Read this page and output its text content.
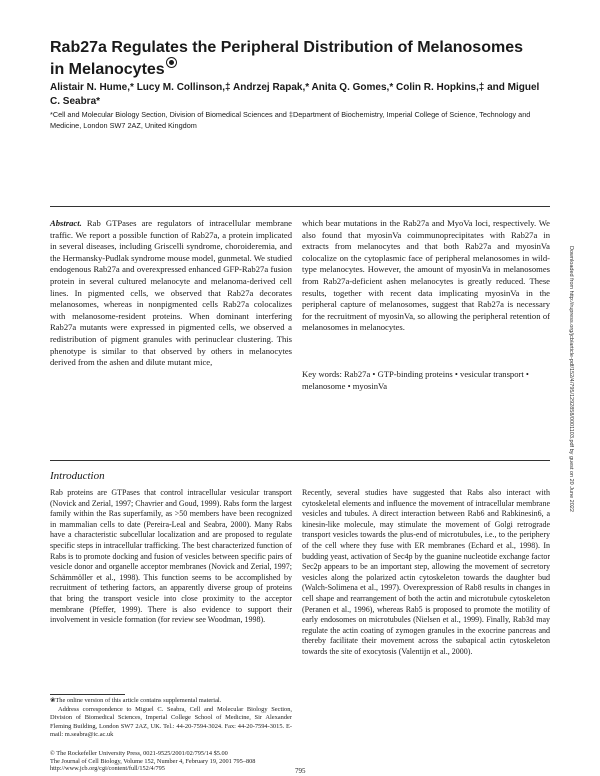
Rab27a Regulates the Peripheral Distribution of Melanosomes in Melanocytes
Alistair N. Hume,* Lucy M. Collinson,‡ Andrzej Rapak,* Anita Q. Gomes,* Colin R. Hopkins,‡ and Miguel C. Seabra*
*Cell and Molecular Biology Section, Division of Biomedical Sciences and ‡Department of Biochemistry, Imperial College of Science, Technology and Medicine, London SW7 2AZ, United Kingdom
Abstract. Rab GTPases are regulators of intracellular membrane traffic. We report a possible function of Rab27a, a protein implicated in several diseases, including Griscelli syndrome, choroideremia, and the Hermansky-Pudlak syndrome mouse model, gunmetal. We studied endogenous Rab27a and overexpressed enhanced GFP-Rab27a fusion protein in several cultured melanocyte and melanoma-derived cell lines. In pigmented cells, we observed that Rab27a decorates melanosomes, whereas in nonpigmented cells Rab27a colocalizes with melanosome-resident proteins. When dominant interfering Rab27a mutants were expressed in pigmented cells, we observed a redistribution of pigment granules with perinuclear clustering. This phenotype is similar to that observed by others in melanocytes derived from the ashen and dilute mutant mice,
which bear mutations in the Rab27a and MyoVa loci, respectively. We also found that myosinVa coimmunoprecipitates with Rab27a in extracts from melanocytes and that both Rab27a and myosinVa colocalize on the cytoplasmic face of peripheral melanosomes in wild-type melanocytes. However, the amount of myosinVa in melanosomes from Rab27a-deficient ashen melanocytes is greatly reduced. These results, together with recent data implicating myosinVa in the peripheral capture of melanosomes, suggest that Rab27a is necessary for the recruitment of myosinVa, so allowing the peripheral retention of melanosomes in melanocytes.
Key words: Rab27a • GTP-binding proteins • vesicular transport • melanosome • myosinVa
Introduction
Rab proteins are GTPases that control intracellular vesicular transport (Novick and Zerial, 1997; Chavrier and Goud, 1999). Rabs form the largest family within the Ras superfamily, as >50 members have been recognized in mammalian cells to date (Pereira-Leal and Seabra, 2000). Many Rabs have a characteristic subcellular localization and are proposed to regulate specific steps in intracellular trafficking. The best characterized function of Rabs is to promote docking and fusion of vesicles between specific pairs of vesicle donor and organelle acceptor membranes (Novick and Zerial, 1997; Schämmöller et al., 1998). This function seems to be accomplished by recruitment of tethering factors, an apparently diverse group of proteins that bring the transport vesicle into close proximity to the acceptor membrane (Pfeffer, 1999). There is also evidence to support their involvement in vesicle formation (for review see Woodman, 1998).
Recently, several studies have suggested that Rabs also interact with cytoskeletal elements and influence the movement of intracellular membrane vesicles and tubules. A direct interaction between Rab6 and Rabkinesin6, a kinesin-like molecule, may stimulate the movement of Golgi retrograde transport vesicles towards the plus-end of microtubules, i.e., to the periphery of the cell where they fuse with ER membranes (Echard et al., 1998). In budding yeast, activation of Sec4p by the guanine nucleotide exchange factor Sec2p appears to be an important step, allowing the movement of secretory vesicles along the polarized actin cytoskeleton towards the daughter bud (Walch-Solimena et al., 1997). Overexpression of Rab8 results in changes in cell shape and rearrangement of both the actin and microtubule cytoskeleton (Peranen et al., 1996), whereas Rab5 is proposed to promote the motility of early endosomes on microtubules (Nielsen et al., 1999). Finally, Rab3d may regulate the actin coating of zymogen granules in the exocrine pancreas and thereby facilitate their movement across the subapical actin cytoskeleton towards the site of exocytosis (Valentijn et al., 2000).

❀The online version of this article contains supplemental material.

Address correspondence to Miguel C. Seabra, Cell and Molecular Biology Section, Division of Biomedical Sciences, Imperial College School of Medicine, Sir Alexander Fleming Building, London SW7 2AZ, UK. Tel.: 44-20-7594-3024. Fax: 44-20-7594-3015. E-mail: m.seabra@ic.ac.uk

© The Rockefeller University Press, 0021-9525/2001/02/795/14 $5.00
The Journal of Cell Biology, Volume 152, Number 4, February 19, 2001 795–808
http://www.jcb.org/cgi/content/full/152/4/795	795
Downloaded from http://rupress.org/jcb/article-pdf/152/4/795/1292858/0001103.pdf by guest on 20 June 2022
